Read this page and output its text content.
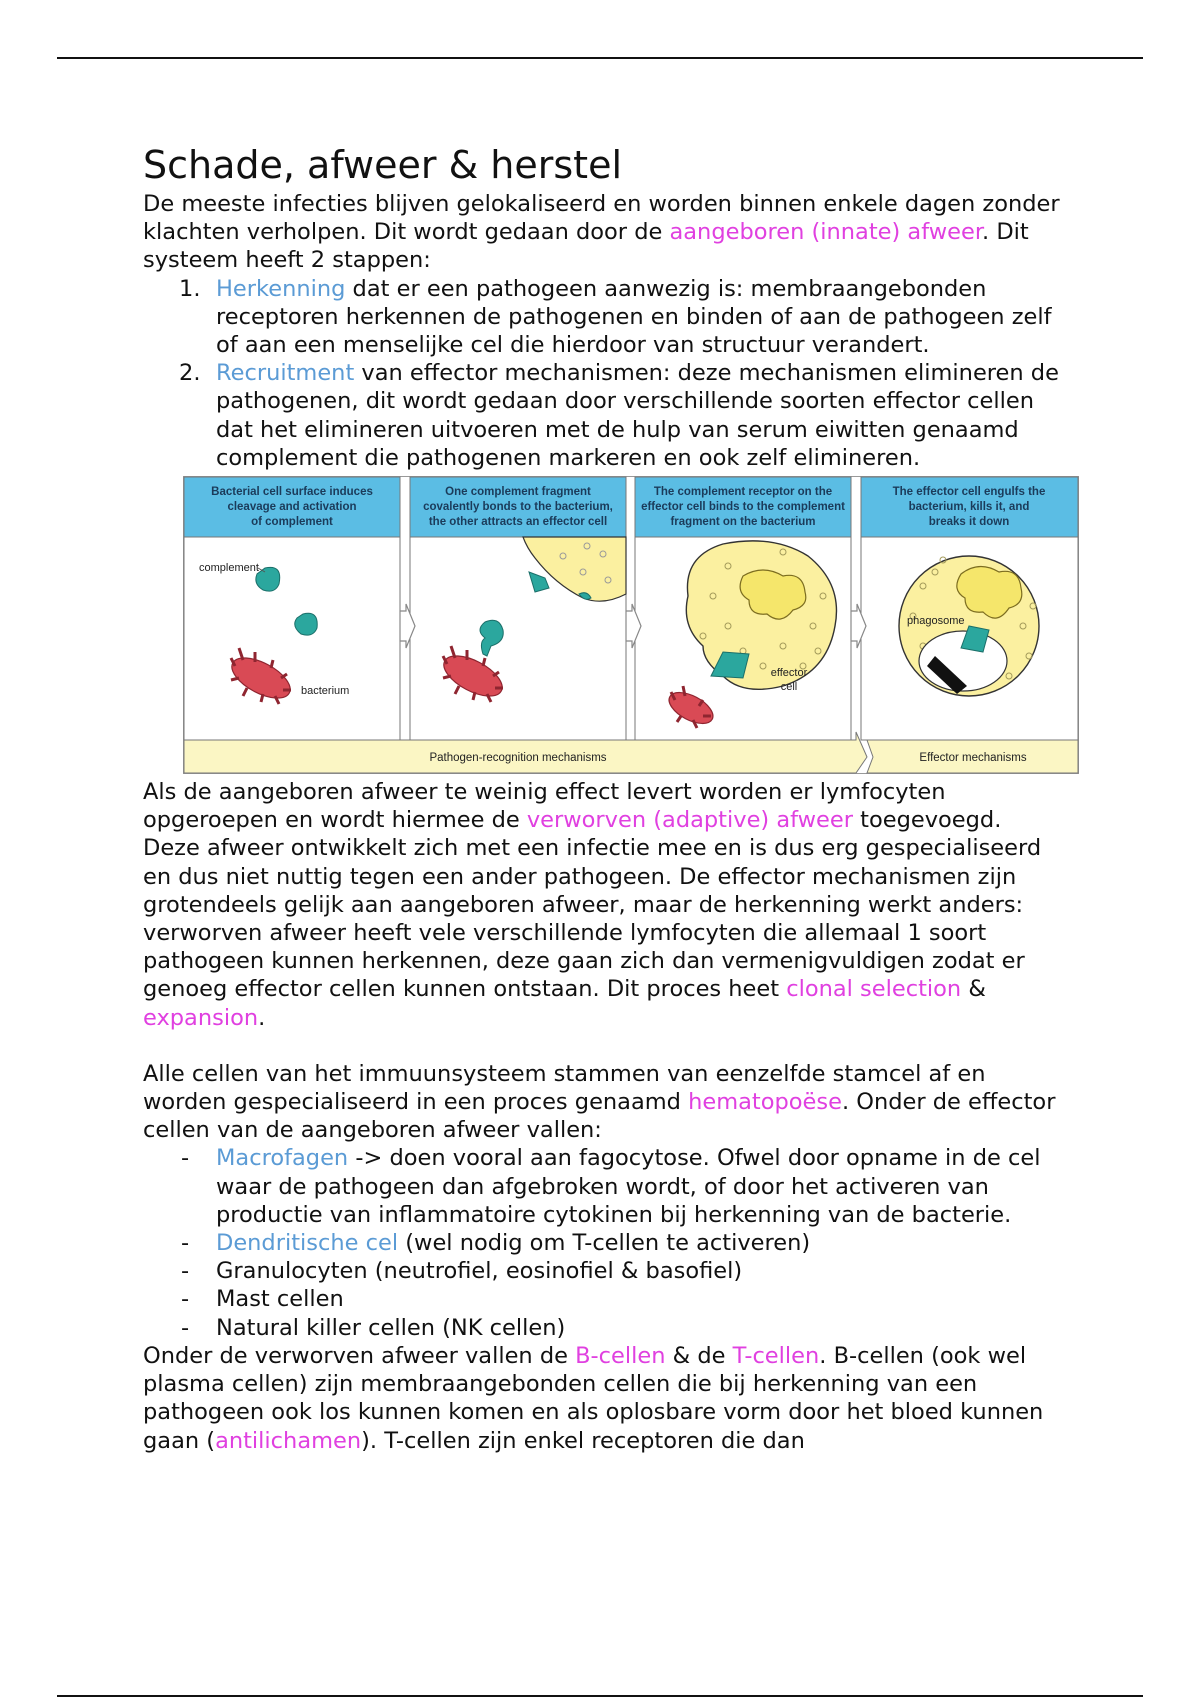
Schade, afweer & herstel

De meeste infecties blijven gelokaliseerd en worden binnen enkele dagen zonder klachten verholpen. Dit wordt gedaan door de aangeboren (innate) afweer. Dit systeem heeft 2 stappen:

1. Herkenning dat er een pathogeen aanwezig is: membraangebonden receptoren herkennen de pathogenen en binden of aan de pathogeen zelf of aan een menselijke cel die hierdoor van structuur verandert.
2. Recruitment van effector mechanismen: deze mechanismen elimineren de pathogenen, dit wordt gedaan door verschillende soorten effector cellen dat het elimineren uitvoeren met de hulp van serum eiwitten genaamd complement die pathogenen markeren en ook zelf elimineren.
Bacterial cell surface induces
cleavage and activation
of complement
One complement fragment
covalently bonds to the bacterium,
the other attracts an effector cell
The complement receptor on the
effector cell binds to the complement
fragment on the bacterium
The effector cell engulfs the
bacterium, kills it, and
breaks it down
complement
bacterium
effector
cell
phagosome
Pathogen-recognition mechanisms	Effector mechanisms

Als de aangeboren afweer te weinig effect levert worden er lymfocyten opgeroepen en wordt hiermee de verworven (adaptive) afweer toegevoegd. Deze afweer ontwikkelt zich met een infectie mee en is dus erg gespecialiseerd en dus niet nuttig tegen een ander pathogeen. De effector mechanismen zijn grotendeels gelijk aan aangeboren afweer, maar de herkenning werkt anders: verworven afweer heeft vele verschillende lymfocyten die allemaal 1 soort pathogeen kunnen herkennen, deze gaan zich dan vermenigvuldigen zodat er genoeg effector cellen kunnen ontstaan. Dit proces heet clonal selection & expansion.

Alle cellen van het immuunsysteem stammen van eenzelfde stamcel af en worden gespecialiseerd in een proces genaamd hematopoëse. Onder de effector cellen van de aangeboren afweer vallen:

- Macrofagen -> doen vooral aan fagocytose. Ofwel door opname in de cel waar de pathogeen dan afgebroken wordt, of door het activeren van productie van inflammatoire cytokinen bij herkenning van de bacterie.
- Dendritische cel (wel nodig om T-cellen te activeren)
- Granulocyten (neutrofiel, eosinofiel & basofiel)
- Mast cellen
- Natural killer cellen (NK cellen)

Onder de verworven afweer vallen de B-cellen & de T-cellen. B-cellen (ook wel plasma cellen) zijn membraangebonden cellen die bij herkenning van een pathogeen ook los kunnen komen en als oplosbare vorm door het bloed kunnen gaan (antilichamen). T-cellen zijn enkel receptoren die dan
